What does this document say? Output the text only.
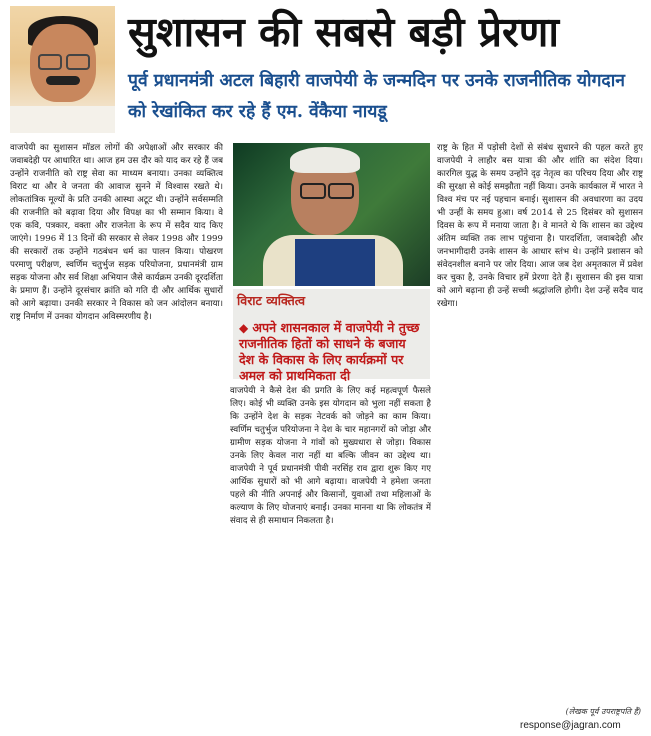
सुशासन की सबसे बड़ी प्रेरणा
पूर्व प्रधानमंत्री अटल बिहारी वाजपेयी के जन्मदिन पर उनके राजनीतिक योगदान को रेखांकित कर रहे हैं एम. वेंकैया नायडू
वाजपेयी का सुशासन मॉडल लोगों की अपेक्षाओं और सरकार की जवाबदेही पर आधारित था। आज हम उस दौर को याद कर रहे हैं जब उन्होंने राजनीति को राष्ट्र सेवा का माध्यम बनाया। उनका व्यक्तित्व विराट था और वे जनता की आवाज सुनने में विश्वास रखते थे। लोकतांत्रिक मूल्यों के प्रति उनकी आस्था अटूट थी। उन्होंने सर्वसम्मति की राजनीति को बढ़ावा दिया और विपक्ष का भी सम्मान किया। वे एक कवि, पत्रकार, वक्ता और राजनेता के रूप में सदैव याद किए जाएंगे। 1996 में 13 दिनों की सरकार से लेकर 1998 और 1999 की सरकारों तक उन्होंने गठबंधन धर्म का पालन किया। पोखरण परमाणु परीक्षण, स्वर्णिम चतुर्भुज सड़क परियोजना, प्रधानमंत्री ग्राम सड़क योजना और सर्व शिक्षा अभियान जैसे कार्यक्रम उनकी दूरदर्शिता के प्रमाण हैं। उन्होंने दूरसंचार क्रांति को गति दी और आर्थिक सुधारों को आगे बढ़ाया। उनकी सरकार ने विकास को जन आंदोलन बनाया। राष्ट्र निर्माण में उनका योगदान अविस्मरणीय है।
विराट व्यक्तित्व
◆ अपने शासनकाल में वाजपेयी ने तुच्छ राजनीतिक हितों को साधने के बजाय देश के विकास के लिए कार्यक्रमों पर अमल को प्राथमिकता दी
वाजपेयी ने कैसे देश की प्रगति के लिए कई महत्वपूर्ण फैसले लिए। कोई भी व्यक्ति उनके इस योगदान को भुला नहीं सकता है कि उन्होंने देश के सड़क नेटवर्क को जोड़ने का काम किया। स्वर्णिम चतुर्भुज परियोजना ने देश के चार महानगरों को जोड़ा और ग्रामीण सड़क योजना ने गांवों को मुख्यधारा से जोड़ा। विकास उनके लिए केवल नारा नहीं था बल्कि जीवन का उद्देश्य था। वाजपेयी ने पूर्व प्रधानमंत्री पीवी नरसिंह राव द्वारा शुरू किए गए आर्थिक सुधारों को भी आगे बढ़ाया। वाजपेयी ने हमेशा जनता पहले की नीति अपनाई और किसानों, युवाओं तथा महिलाओं के कल्याण के लिए योजनाएं बनाईं। उनका मानना था कि लोकतंत्र में संवाद से ही समाधान निकलता है।
राष्ट्र के हित में पड़ोसी देशों से संबंध सुधारने की पहल करते हुए वाजपेयी ने लाहौर बस यात्रा की और शांति का संदेश दिया। कारगिल युद्ध के समय उन्होंने दृढ़ नेतृत्व का परिचय दिया और राष्ट्र की सुरक्षा से कोई समझौता नहीं किया। उनके कार्यकाल में भारत ने विश्व मंच पर नई पहचान बनाई। सुशासन की अवधारणा का उदय भी उन्हीं के समय हुआ। वर्ष 2014 से 25 दिसंबर को सुशासन दिवस के रूप में मनाया जाता है। वे मानते थे कि शासन का उद्देश्य अंतिम व्यक्ति तक लाभ पहुंचाना है। पारदर्शिता, जवाबदेही और जनभागीदारी उनके शासन के आधार स्तंभ थे। उन्होंने प्रशासन को संवेदनशील बनाने पर जोर दिया। आज जब देश अमृतकाल में प्रवेश कर चुका है, उनके विचार हमें प्रेरणा देते हैं। सुशासन की इस यात्रा को आगे बढ़ाना ही उन्हें सच्ची श्रद्धांजलि होगी। देश उन्हें सदैव याद रखेगा।
(लेखक पूर्व उपराष्ट्रपति हैं)
response@jagran.com
